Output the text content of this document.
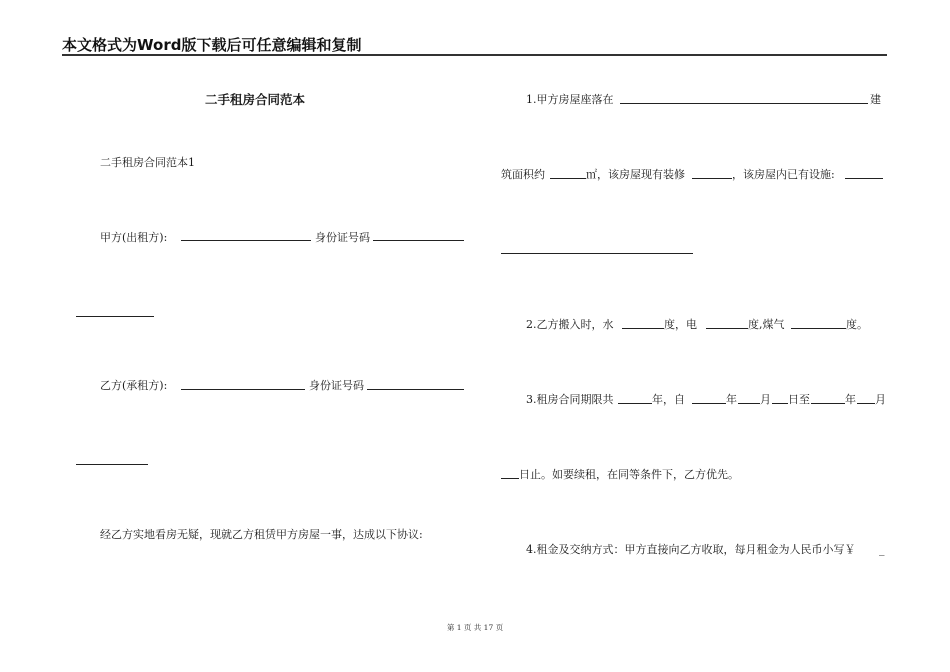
本文格式为Word版下载后可任意编辑和复制
二手租房合同范本
二手租房合同范本1
甲方(出租方):	身份证号码
乙方(承租方):	身份证号码
经乙方实地看房无疑，现就乙方租赁甲方房屋一事，达成以下协议:
1.甲方房屋座落在	建
筑面积约	㎡，该房屋现有装修	，该房屋内已有设施:
2.乙方搬入时，水	度，电	度,煤气	度。
3.租房合同期限共	年，自	年 月 日至	年 月
日止。如要续租，在同等条件下，乙方优先。
4.租金及交纳方式：甲方直接向乙方收取，每月租金为人民币小写￥ _
第 1 页 共 17 页
